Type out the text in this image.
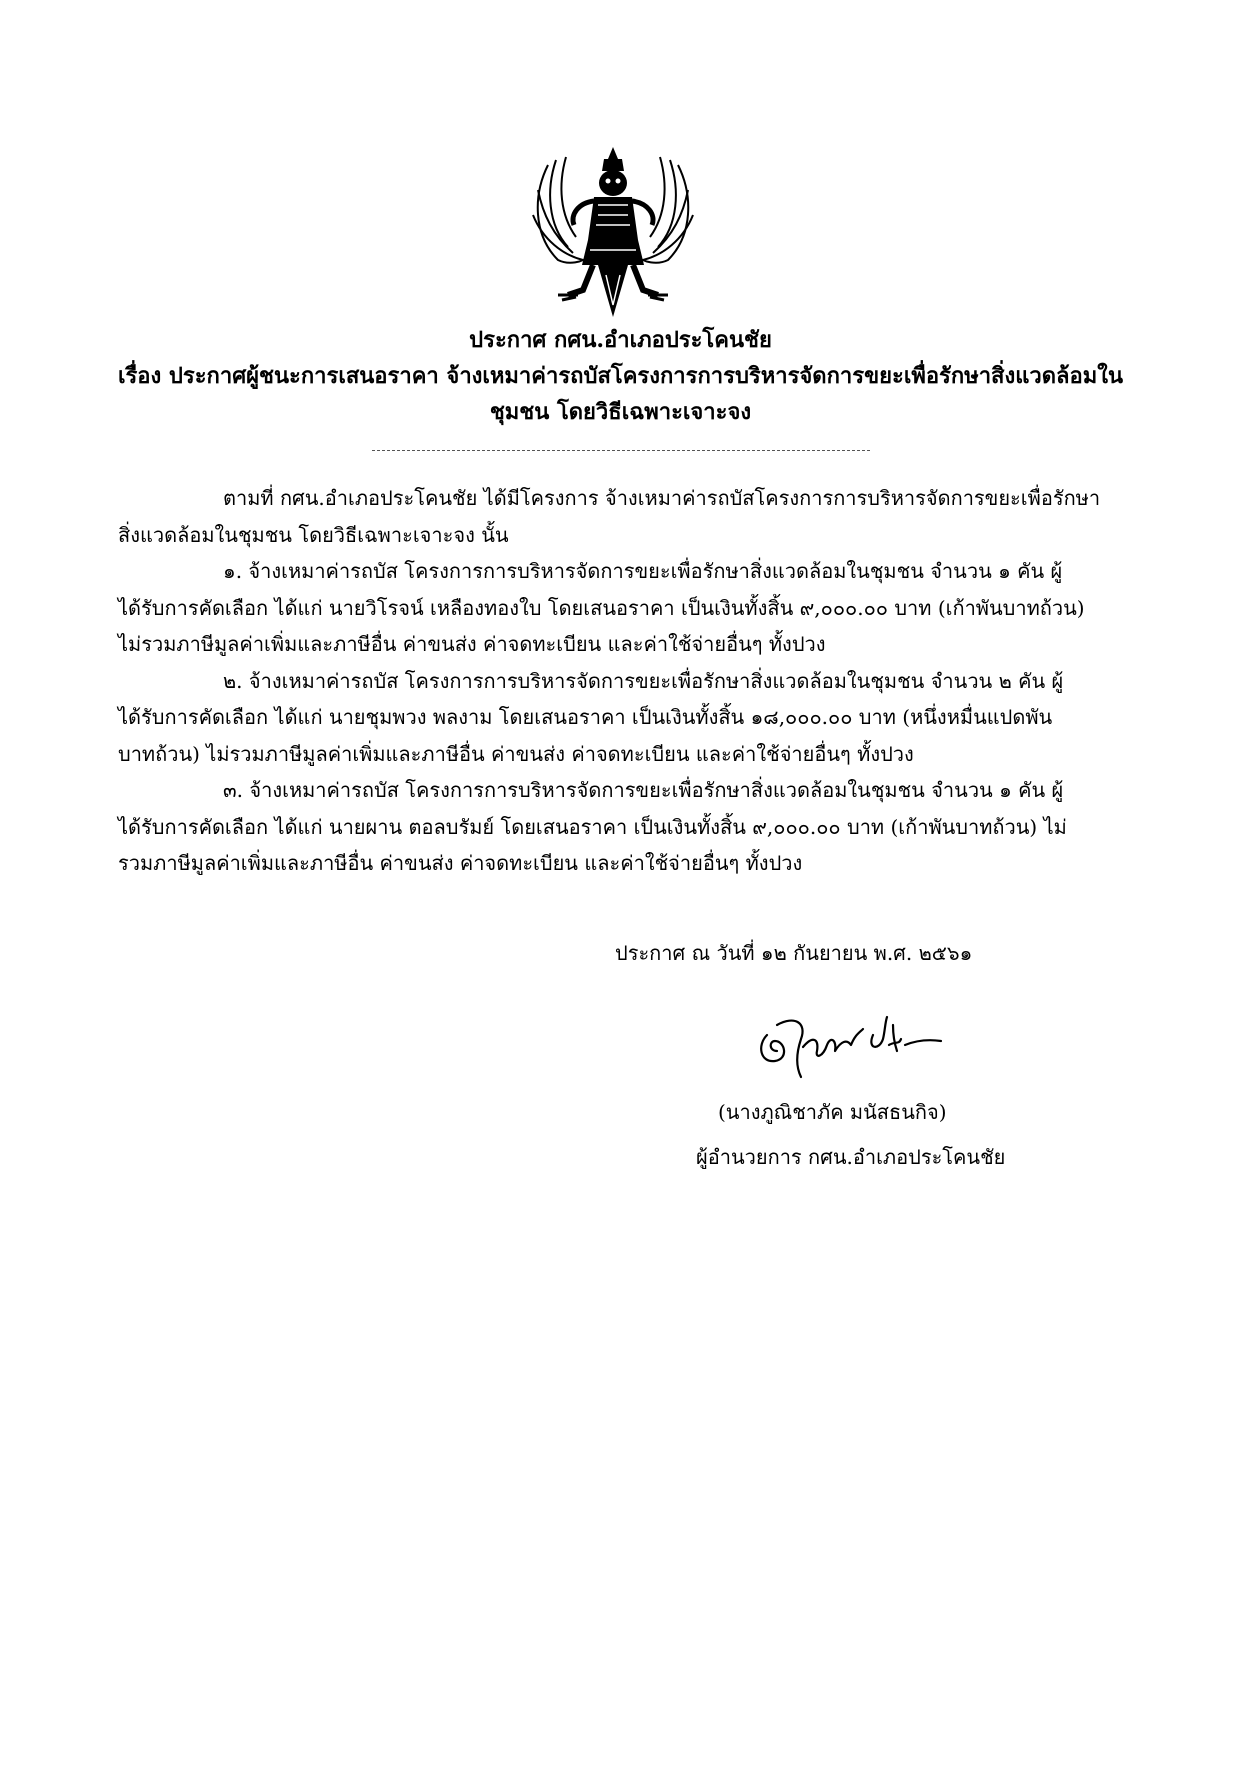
ประกาศ กศน.อำเภอประโคนชัย
เรื่อง ประกาศผู้ชนะการเสนอราคา จ้างเหมาค่ารถบัสโครงการการบริหารจัดการขยะเพื่อรักษาสิ่งแวดล้อมใน
ชุมชน โดยวิธีเฉพาะเจาะจง
ตามที่ กศน.อำเภอประโคนชัย ได้มีโครงการ จ้างเหมาค่ารถบัสโครงการการบริหารจัดการขยะเพื่อรักษา
สิ่งแวดล้อมในชุมชน โดยวิธีเฉพาะเจาะจง นั้น
๑. จ้างเหมาค่ารถบัส โครงการการบริหารจัดการขยะเพื่อรักษาสิ่งแวดล้อมในชุมชน จำนวน ๑ คัน ผู้
ได้รับการคัดเลือก ได้แก่ นายวิโรจน์ เหลืองทองใบ โดยเสนอราคา เป็นเงินทั้งสิ้น ๙,๐๐๐.๐๐ บาท (เก้าพันบาทถ้วน)
ไม่รวมภาษีมูลค่าเพิ่มและภาษีอื่น ค่าขนส่ง ค่าจดทะเบียน และค่าใช้จ่ายอื่นๆ ทั้งปวง
๒. จ้างเหมาค่ารถบัส โครงการการบริหารจัดการขยะเพื่อรักษาสิ่งแวดล้อมในชุมชน จำนวน ๒ คัน ผู้
ได้รับการคัดเลือก ได้แก่ นายชุมพวง พลงาม โดยเสนอราคา เป็นเงินทั้งสิ้น ๑๘,๐๐๐.๐๐ บาท (หนึ่งหมื่นแปดพัน
บาทถ้วน) ไม่รวมภาษีมูลค่าเพิ่มและภาษีอื่น ค่าขนส่ง ค่าจดทะเบียน และค่าใช้จ่ายอื่นๆ ทั้งปวง
๓. จ้างเหมาค่ารถบัส โครงการการบริหารจัดการขยะเพื่อรักษาสิ่งแวดล้อมในชุมชน จำนวน ๑ คัน ผู้
ได้รับการคัดเลือก ได้แก่ นายผาน ตอลบรัมย์ โดยเสนอราคา เป็นเงินทั้งสิ้น ๙,๐๐๐.๐๐ บาท (เก้าพันบาทถ้วน) ไม่
รวมภาษีมูลค่าเพิ่มและภาษีอื่น ค่าขนส่ง ค่าจดทะเบียน และค่าใช้จ่ายอื่นๆ ทั้งปวง
ประกาศ ณ วันที่ ๑๒ กันยายน พ.ศ. ๒๕๖๑
(นางภูณิชาภัค มนัสธนกิจ)
ผู้อำนวยการ กศน.อำเภอประโคนชัย
